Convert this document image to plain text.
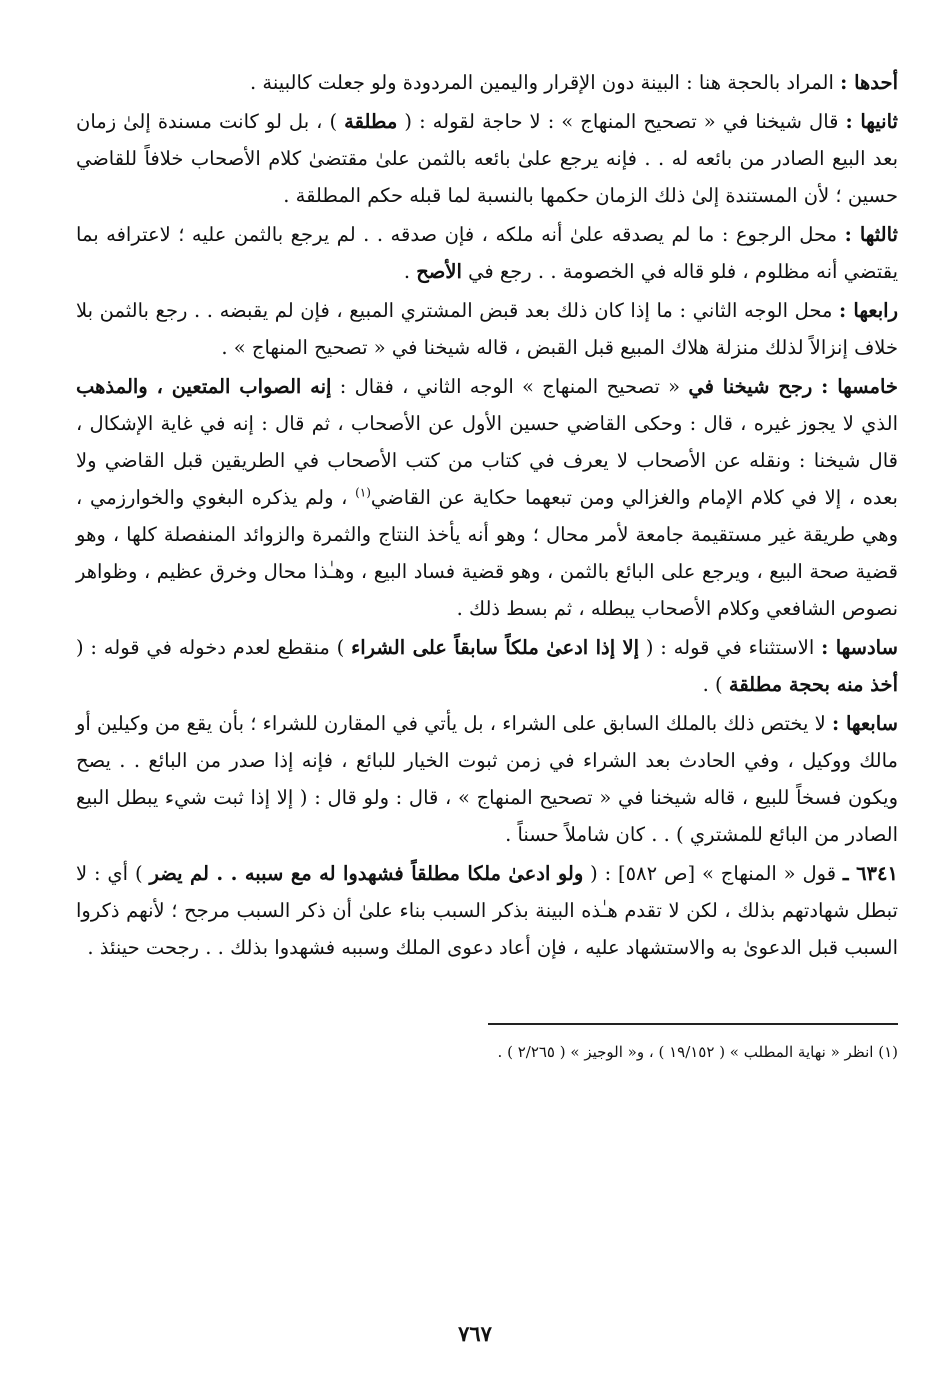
أحدها : المراد بالحجة هنا : البينة دون الإقرار واليمين المردودة ولو جعلت كالبينة .

ثانيها : قال شيخنا في « تصحيح المنهاج » : لا حاجة لقوله : ( مطلقة ) ، بل لو كانت مسندة إلىٰ زمان بعد البيع الصادر من بائعه له . . فإنه يرجع علىٰ بائعه بالثمن علىٰ مقتضىٰ كلام الأصحاب خلافاً للقاضي حسين ؛ لأن المستندة إلىٰ ذلك الزمان حكمها بالنسبة لما قبله حكم المطلقة .

ثالثها : محل الرجوع : ما لم يصدقه علىٰ أنه ملكه ، فإن صدقه . . لم يرجع بالثمن عليه ؛ لاعترافه بما يقتضي أنه مظلوم ، فلو قاله في الخصومة . . رجع في الأصح .

رابعها : محل الوجه الثاني : ما إذا كان ذلك بعد قبض المشتري المبيع ، فإن لم يقبضه . . رجع بالثمن بلا خلاف إنزالاً لذلك منزلة هلاك المبيع قبل القبض ، قاله شيخنا في « تصحيح المنهاج » .

خامسها : رجح شيخنا في « تصحيح المنهاج » الوجه الثاني ، فقال : إنه الصواب المتعين ، والمذهب الذي لا يجوز غيره ، قال : وحكى القاضي حسين الأول عن الأصحاب ، ثم قال : إنه في غاية الإشكال ، قال شيخنا : ونقله عن الأصحاب لا يعرف في كتاب من كتب الأصحاب في الطريقين قبل القاضي ولا بعده ، إلا في كلام الإمام والغزالي ومن تبعهما حكاية عن القاضي$^{(١)}$ ، ولم يذكره البغوي والخوارزمي ، وهي طريقة غير مستقيمة جامعة لأمر محال ؛ وهو أنه يأخذ النتاج والثمرة والزوائد المنفصلة كلها ، وهو قضية صحة البيع ، ويرجع على البائع بالثمن ، وهو قضية فساد البيع ، وهـٰذا محال وخرق عظيم ، وظواهر نصوص الشافعي وكلام الأصحاب يبطله ، ثم بسط ذلك .

سادسها : الاستثناء في قوله : ( إلا إذا ادعىٰ ملكاً سابقاً على الشراء ) منقطع لعدم دخوله في قوله : ( أخذ منه بحجة مطلقة ) .

سابعها : لا يختص ذلك بالملك السابق على الشراء ، بل يأتي في المقارن للشراء ؛ بأن يقع من وكيلين أو مالك ووكيل ، وفي الحادث بعد الشراء في زمن ثبوت الخيار للبائع ، فإنه إذا صدر من البائع . . يصح ويكون فسخاً للبيع ، قاله شيخنا في « تصحيح المنهاج » ، قال : ولو قال : ( إلا إذا ثبت شيء يبطل البيع الصادر من البائع للمشتري ) . . كان شاملاً حسناً .

٦٣٤١ ـ قول « المنهاج » [ص ٥٨٢] : ( ولو ادعىٰ ملكا مطلقاً فشهدوا له مع سببه . . لم يضر ) أي : لا تبطل شهادتهم بذلك ، لكن لا تقدم هـٰذه البينة بذكر السبب بناء علىٰ أن ذكر السبب مرجح ؛ لأنهم ذكروا السبب قبل الدعوىٰ به والاستشهاد عليه ، فإن أعاد دعوى الملك وسببه فشهدوا بذلك . . رجحت حينئذ .

(١) انظر « نهاية المطلب » ( ١٩/١٥٢ ) ، و« الوجيز » ( ٢/٢٦٥ ) .
٧٦٧
